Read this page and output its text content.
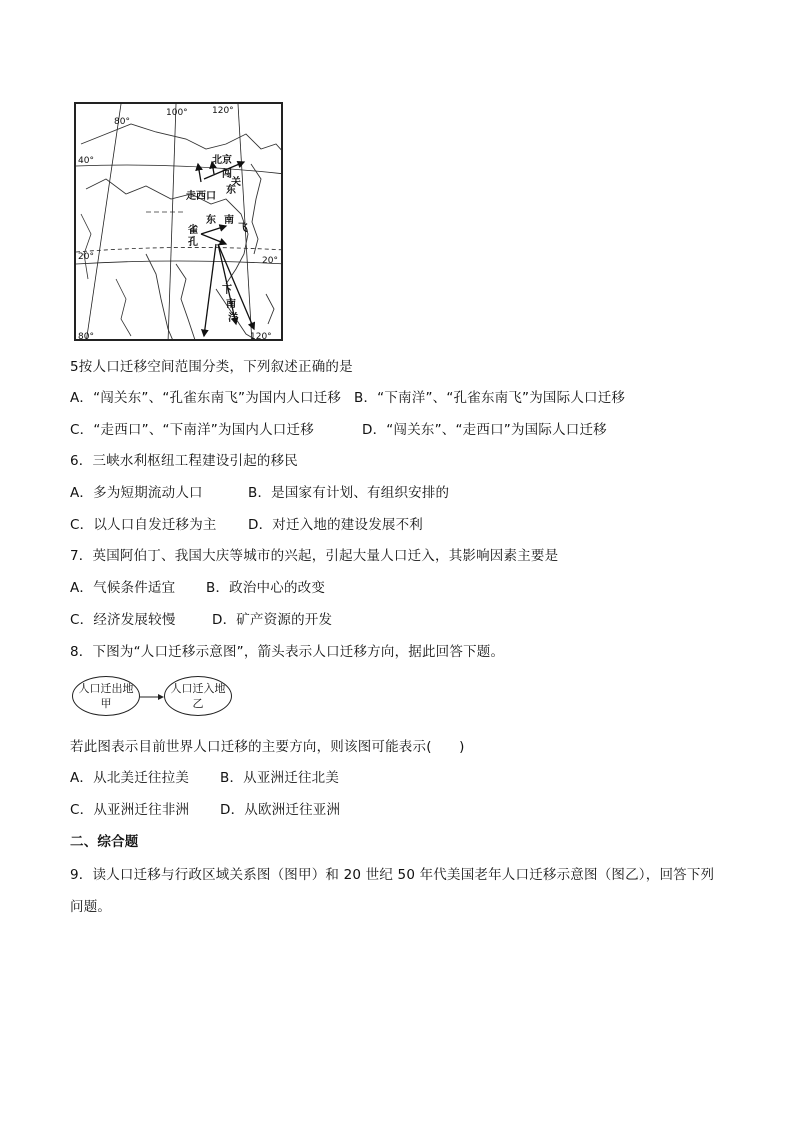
80°
100°	120°
40°
20°	20°
80°	120°
北京
闯
关
东
走西口
东 南
飞
雀
孔
下
南
洋
5按人口迁移空间范围分类，下列叙述正确的是
A．“闯关东”、“孔雀东南飞”为国内人口迁移 B．“下南洋”、“孔雀东南飞”为国际人口迁移
C．“走西口”、“下南洋”为国内人口迁移	D．“闯关东”、“走西口”为国际人口迁移
6．三峡水利枢纽工程建设引起的移民
A．多为短期流动人口	B．是国家有计划、有组织安排的
C．以人口自发迁移为主 D．对迁入地的建设发展不利
7．英国阿伯丁、我国大庆等城市的兴起，引起大量人口迁入，其影响因素主要是
A．气候条件适宜 B．政治中心的改变
C．经济发展较慢	D．矿产资源的开发
8．下图为“人口迁移示意图”，箭头表示人口迁移方向，据此回答下题。
人口迁出地
甲
人口迁入地
乙
若此图表示目前世界人口迁移的主要方向，则该图可能表示(　　)
A．从北美迁往拉美 B．从亚洲迁往北美
C．从亚洲迁往非洲 D．从欧洲迁往亚洲
二、综合题
9．读人口迁移与行政区域关系图（图甲）和 20 世纪 50 年代美国老年人口迁移示意图（图乙），回答下列
问题。
